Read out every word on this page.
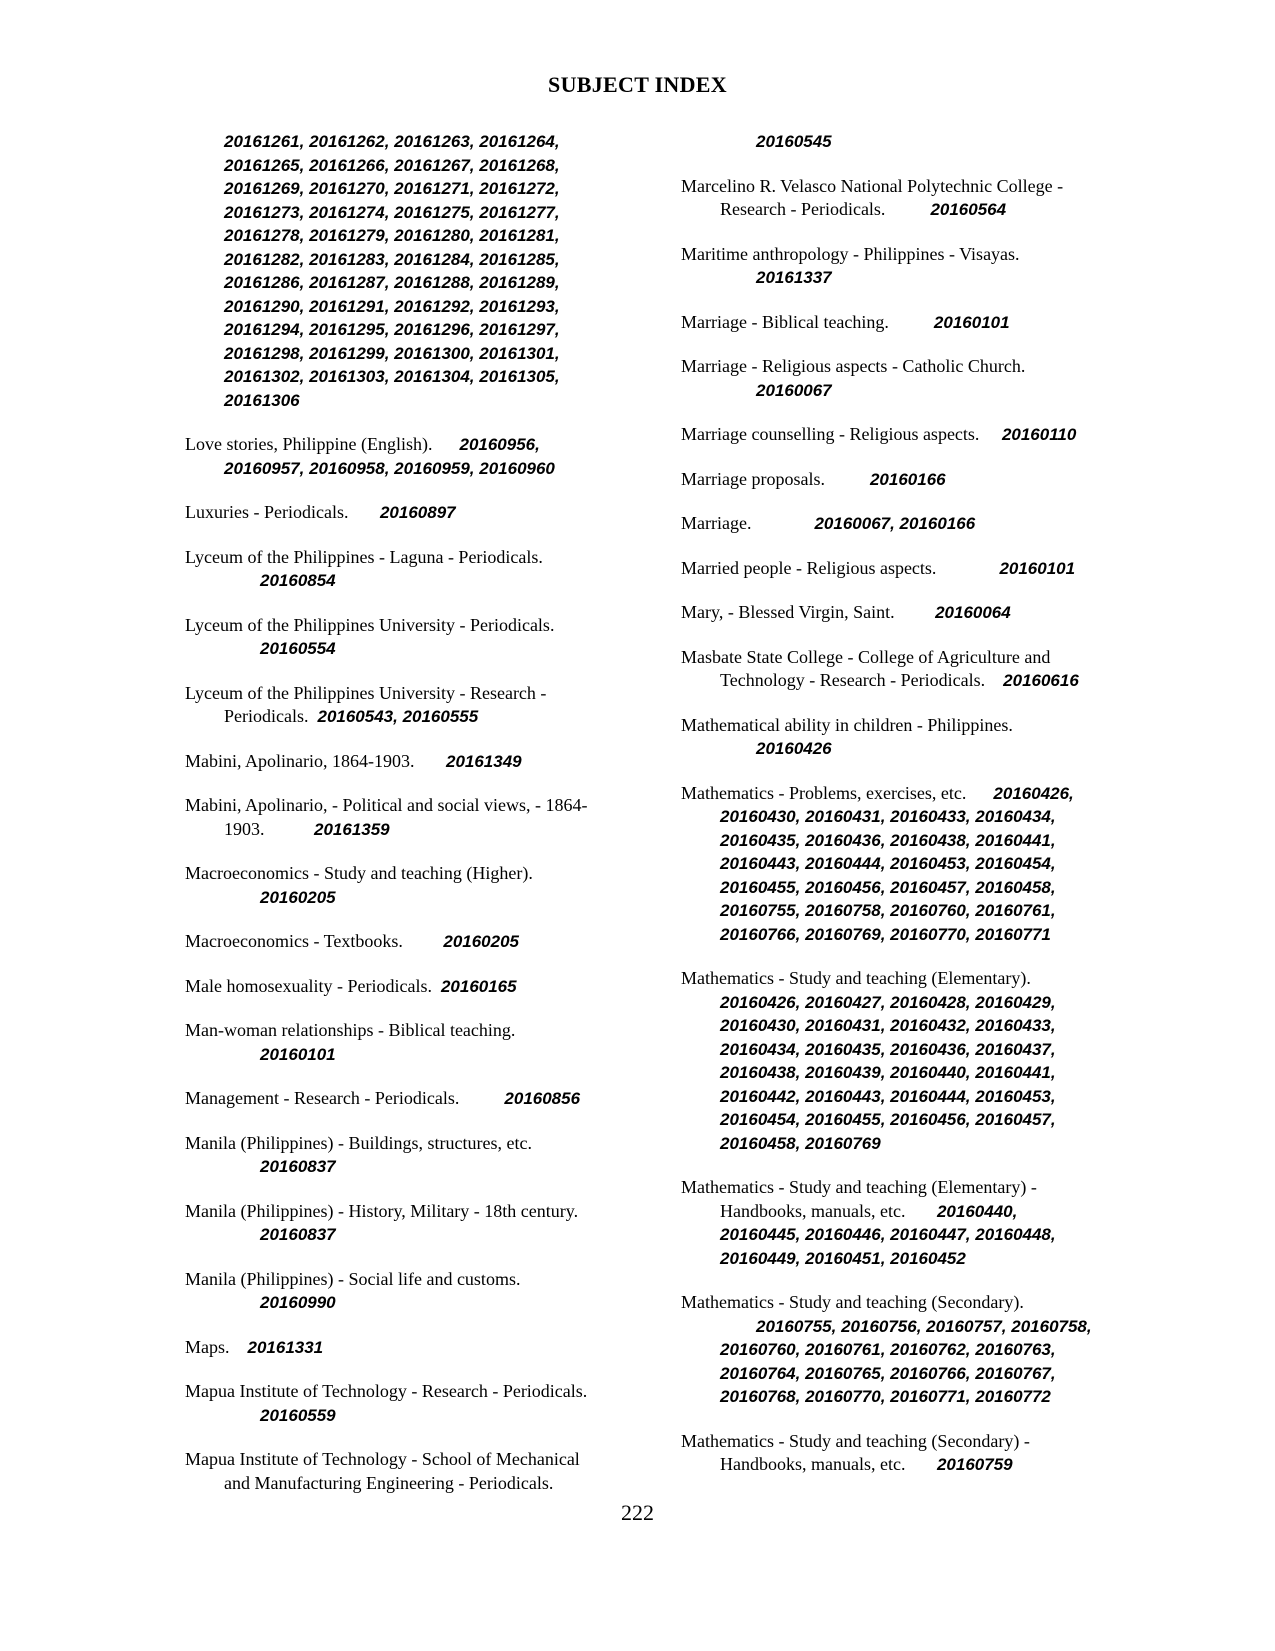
SUBJECT INDEX
20161261, 20161262, 20161263, 20161264,
20161265, 20161266, 20161267, 20161268,
20161269, 20161270, 20161271, 20161272,
20161273, 20161274, 20161275, 20161277,
20161278, 20161279, 20161280, 20161281,
20161282, 20161283, 20161284, 20161285,
20161286, 20161287, 20161288, 20161289,
20161290, 20161291, 20161292, 20161293,
20161294, 20161295, 20161296, 20161297,
20161298, 20161299, 20161300, 20161301,
20161302, 20161303, 20161304, 20161305,
20161306
Love stories, Philippine (English).      20160956,
20160957, 20160958, 20160959, 20160960
Luxuries - Periodicals.       20160897
Lyceum of the Philippines - Laguna - Periodicals.
20160854
Lyceum of the Philippines University - Periodicals.
20160554
Lyceum of the Philippines University - Research -
Periodicals.  20160543, 20160555
Mabini, Apolinario, 1864-1903.       20161349
Mabini, Apolinario, - Political and social views, - 1864-
1903.           20161359
Macroeconomics - Study and teaching (Higher).
20160205
Macroeconomics - Textbooks.         20160205
Male homosexuality - Periodicals.  20160165
Man-woman relationships - Biblical teaching.
20160101
Management - Research - Periodicals.          20160856
Manila (Philippines) - Buildings, structures, etc.
20160837
Manila (Philippines) - History, Military - 18th century.
20160837
Manila (Philippines) - Social life and customs.
20160990
Maps.    20161331
Mapua Institute of Technology - Research - Periodicals.
20160559
Mapua Institute of Technology - School of Mechanical
and Manufacturing Engineering - Periodicals.
20160545
Marcelino R. Velasco National Polytechnic College -
Research - Periodicals.          20160564
Maritime anthropology - Philippines - Visayas.
20161337
Marriage - Biblical teaching.          20160101
Marriage - Religious aspects - Catholic Church.
20160067
Marriage counselling - Religious aspects.     20160110
Marriage proposals.          20160166
Marriage.              20160067, 20160166
Married people - Religious aspects.              20160101
Mary, - Blessed Virgin, Saint.         20160064
Masbate State College - College of Agriculture and
Technology - Research - Periodicals.    20160616
Mathematical ability in children - Philippines.
20160426
Mathematics - Problems, exercises, etc.      20160426,
20160430, 20160431, 20160433, 20160434,
20160435, 20160436, 20160438, 20160441,
20160443, 20160444, 20160453, 20160454,
20160455, 20160456, 20160457, 20160458,
20160755, 20160758, 20160760, 20160761,
20160766, 20160769, 20160770, 20160771
Mathematics - Study and teaching (Elementary).
20160426, 20160427, 20160428, 20160429,
20160430, 20160431, 20160432, 20160433,
20160434, 20160435, 20160436, 20160437,
20160438, 20160439, 20160440, 20160441,
20160442, 20160443, 20160444, 20160453,
20160454, 20160455, 20160456, 20160457,
20160458, 20160769
Mathematics - Study and teaching (Elementary) -
Handbooks, manuals, etc.       20160440,
20160445, 20160446, 20160447, 20160448,
20160449, 20160451, 20160452
Mathematics - Study and teaching (Secondary).
20160755, 20160756, 20160757, 20160758,
20160760, 20160761, 20160762, 20160763,
20160764, 20160765, 20160766, 20160767,
20160768, 20160770, 20160771, 20160772
Mathematics - Study and teaching (Secondary) -
Handbooks, manuals, etc.       20160759
222
